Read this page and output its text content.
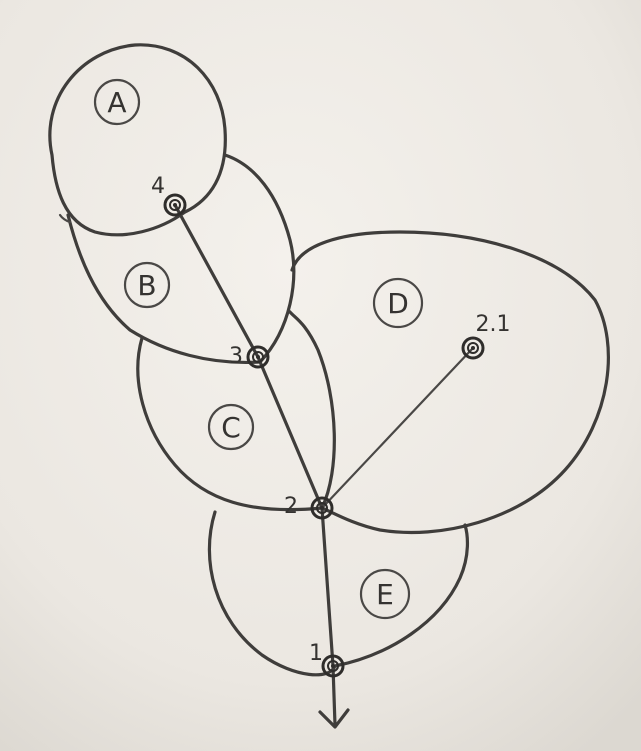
A
B
C
D
E
4
3
2
2.1
1
